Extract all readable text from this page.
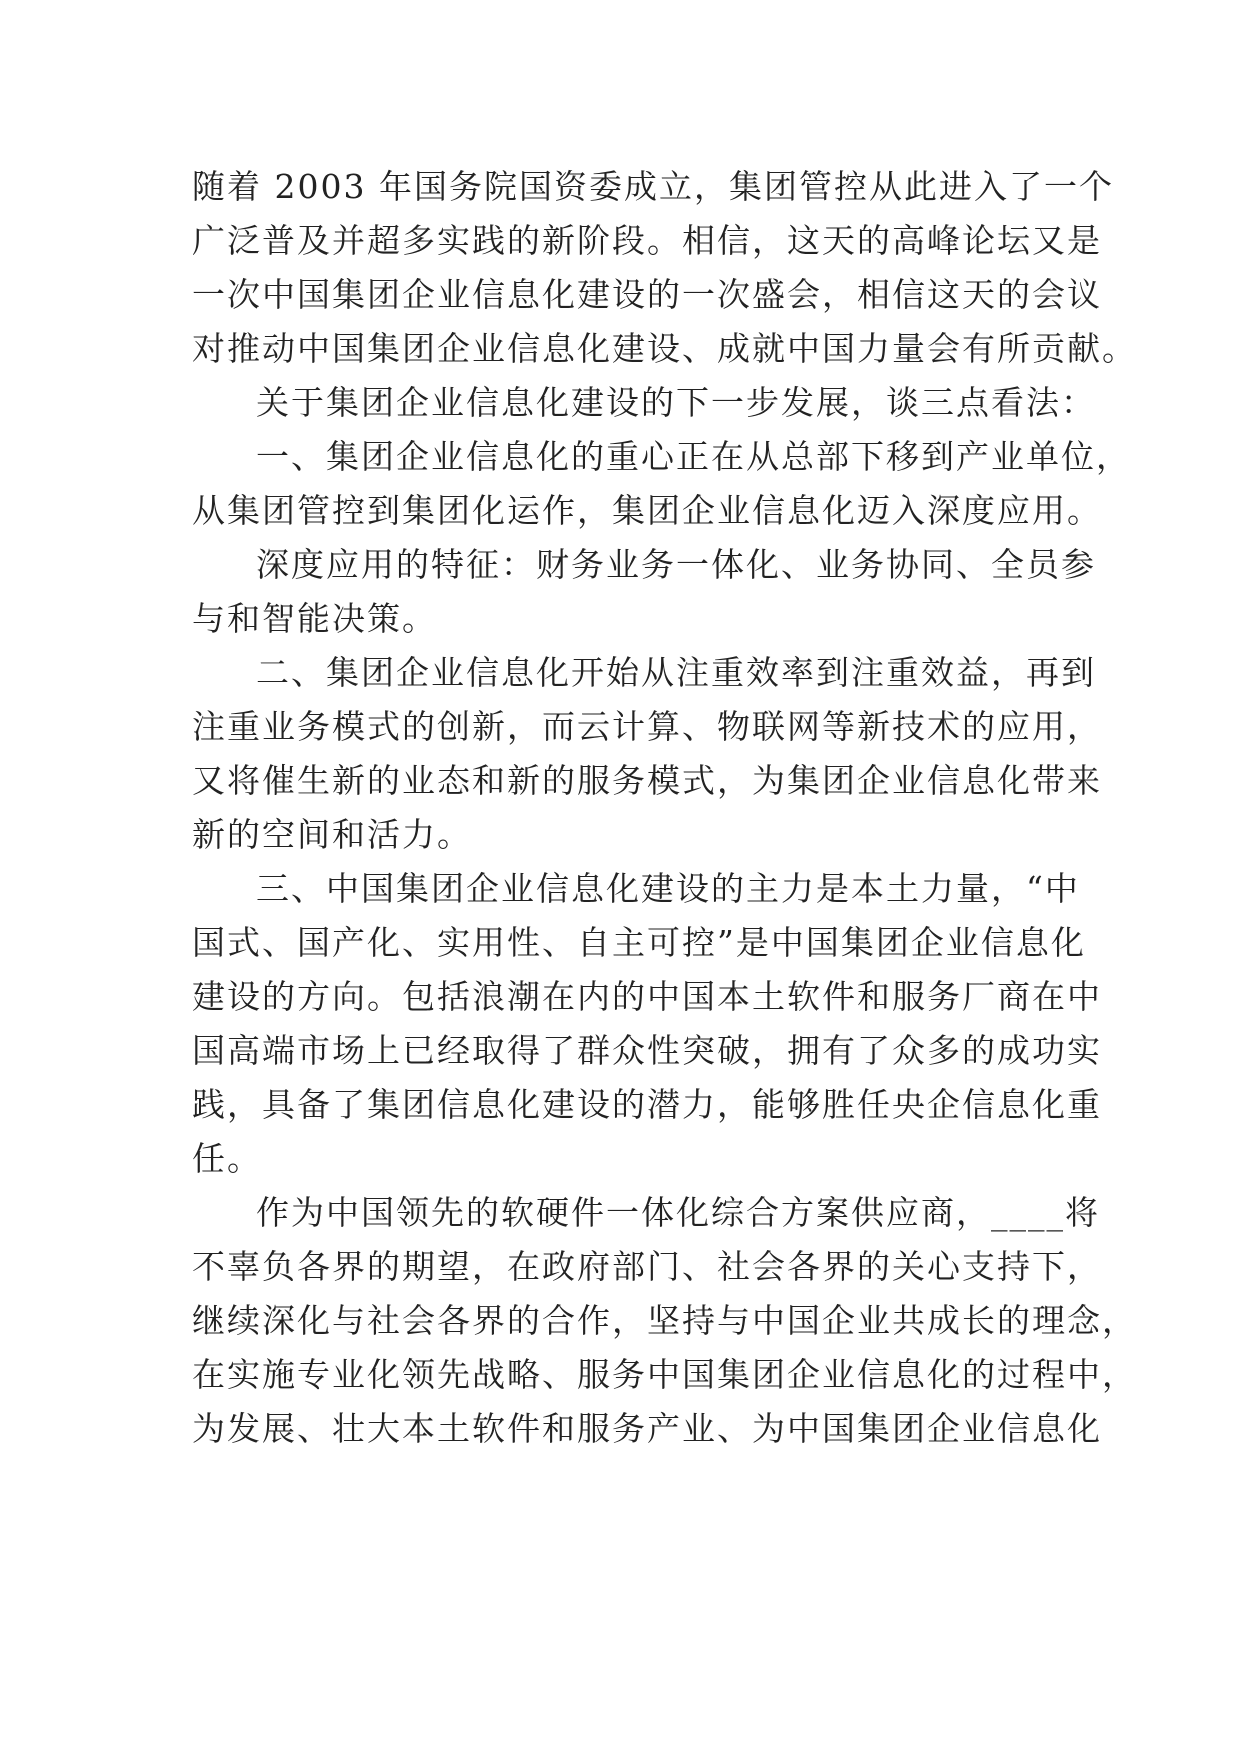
随着 2003 年国务院国资委成立，集团管控从此进入了一个
广泛普及并超多实践的新阶段。相信，这天的高峰论坛又是
一次中国集团企业信息化建设的一次盛会，相信这天的会议
对推动中国集团企业信息化建设、成就中国力量会有所贡献。
关于集团企业信息化建设的下一步发展，谈三点看法：
一、集团企业信息化的重心正在从总部下移到产业单位，
从集团管控到集团化运作，集团企业信息化迈入深度应用。
深度应用的特征：财务业务一体化、业务协同、全员参
与和智能决策。
二、集团企业信息化开始从注重效率到注重效益，再到
注重业务模式的创新，而云计算、物联网等新技术的应用，
又将催生新的业态和新的服务模式，为集团企业信息化带来
新的空间和活力。
三、中国集团企业信息化建设的主力是本土力量，“中
国式、国产化、实用性、自主可控”是中国集团企业信息化
建设的方向。包括浪潮在内的中国本土软件和服务厂商在中
国高端市场上已经取得了群众性突破，拥有了众多的成功实
践，具备了集团信息化建设的潜力，能够胜任央企信息化重
任。
作为中国领先的软硬件一体化综合方案供应商，____将
不辜负各界的期望，在政府部门、社会各界的关心支持下，
继续深化与社会各界的合作，坚持与中国企业共成长的理念，
在实施专业化领先战略、服务中国集团企业信息化的过程中，
为发展、壮大本土软件和服务产业、为中国集团企业信息化
